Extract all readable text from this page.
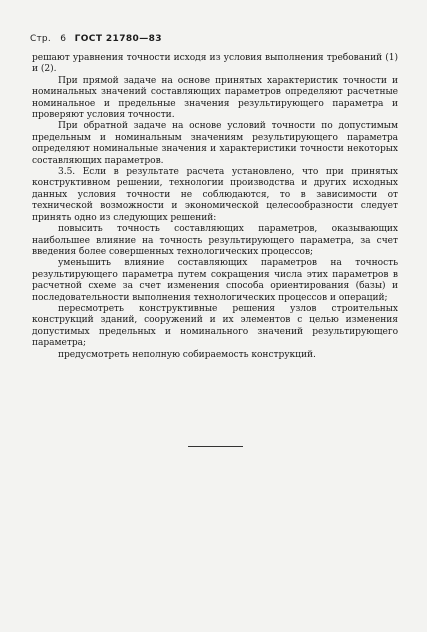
Стр. 6 ГОСТ 21780—83

решают уравнения точности исходя из условия выполнения требований (1) и (2).

При прямой задаче на основе принятых характеристик точности и номинальных значений составляющих параметров определяют расчетные номинальное и предельные значения результирующего параметра и проверяют условия точности.

При обратной задаче на основе условий точности по допустимым предельным и номинальным значениям результирующего параметра определяют номинальные значения и характеристики точности некоторых составляющих параметров.

3.5. Если в результате расчета установлено, что при принятых конструктивном решении, технологии производства и других исходных данных условия точности не соблюдаются, то в зависимости от технической возможности и экономической целесообразности следует принять одно из следующих решений:

повысить точность составляющих параметров, оказывающих наибольшее влияние на точность результирующего параметра, за счет введения более совершенных технологических процессов;

уменьшить влияние составляющих параметров на точность результирующего параметра путем сокращения числа этих параметров в расчетной схеме за счет изменения способа ориентирования (базы) и последовательности выполнения технологических процессов и операций;

пересмотреть конструктивные решения узлов строительных конструкций зданий, сооружений и их элементов с целью изменения допустимых предельных и номинального значений результирующего параметра;

предусмотреть неполную собираемость конструкций.
